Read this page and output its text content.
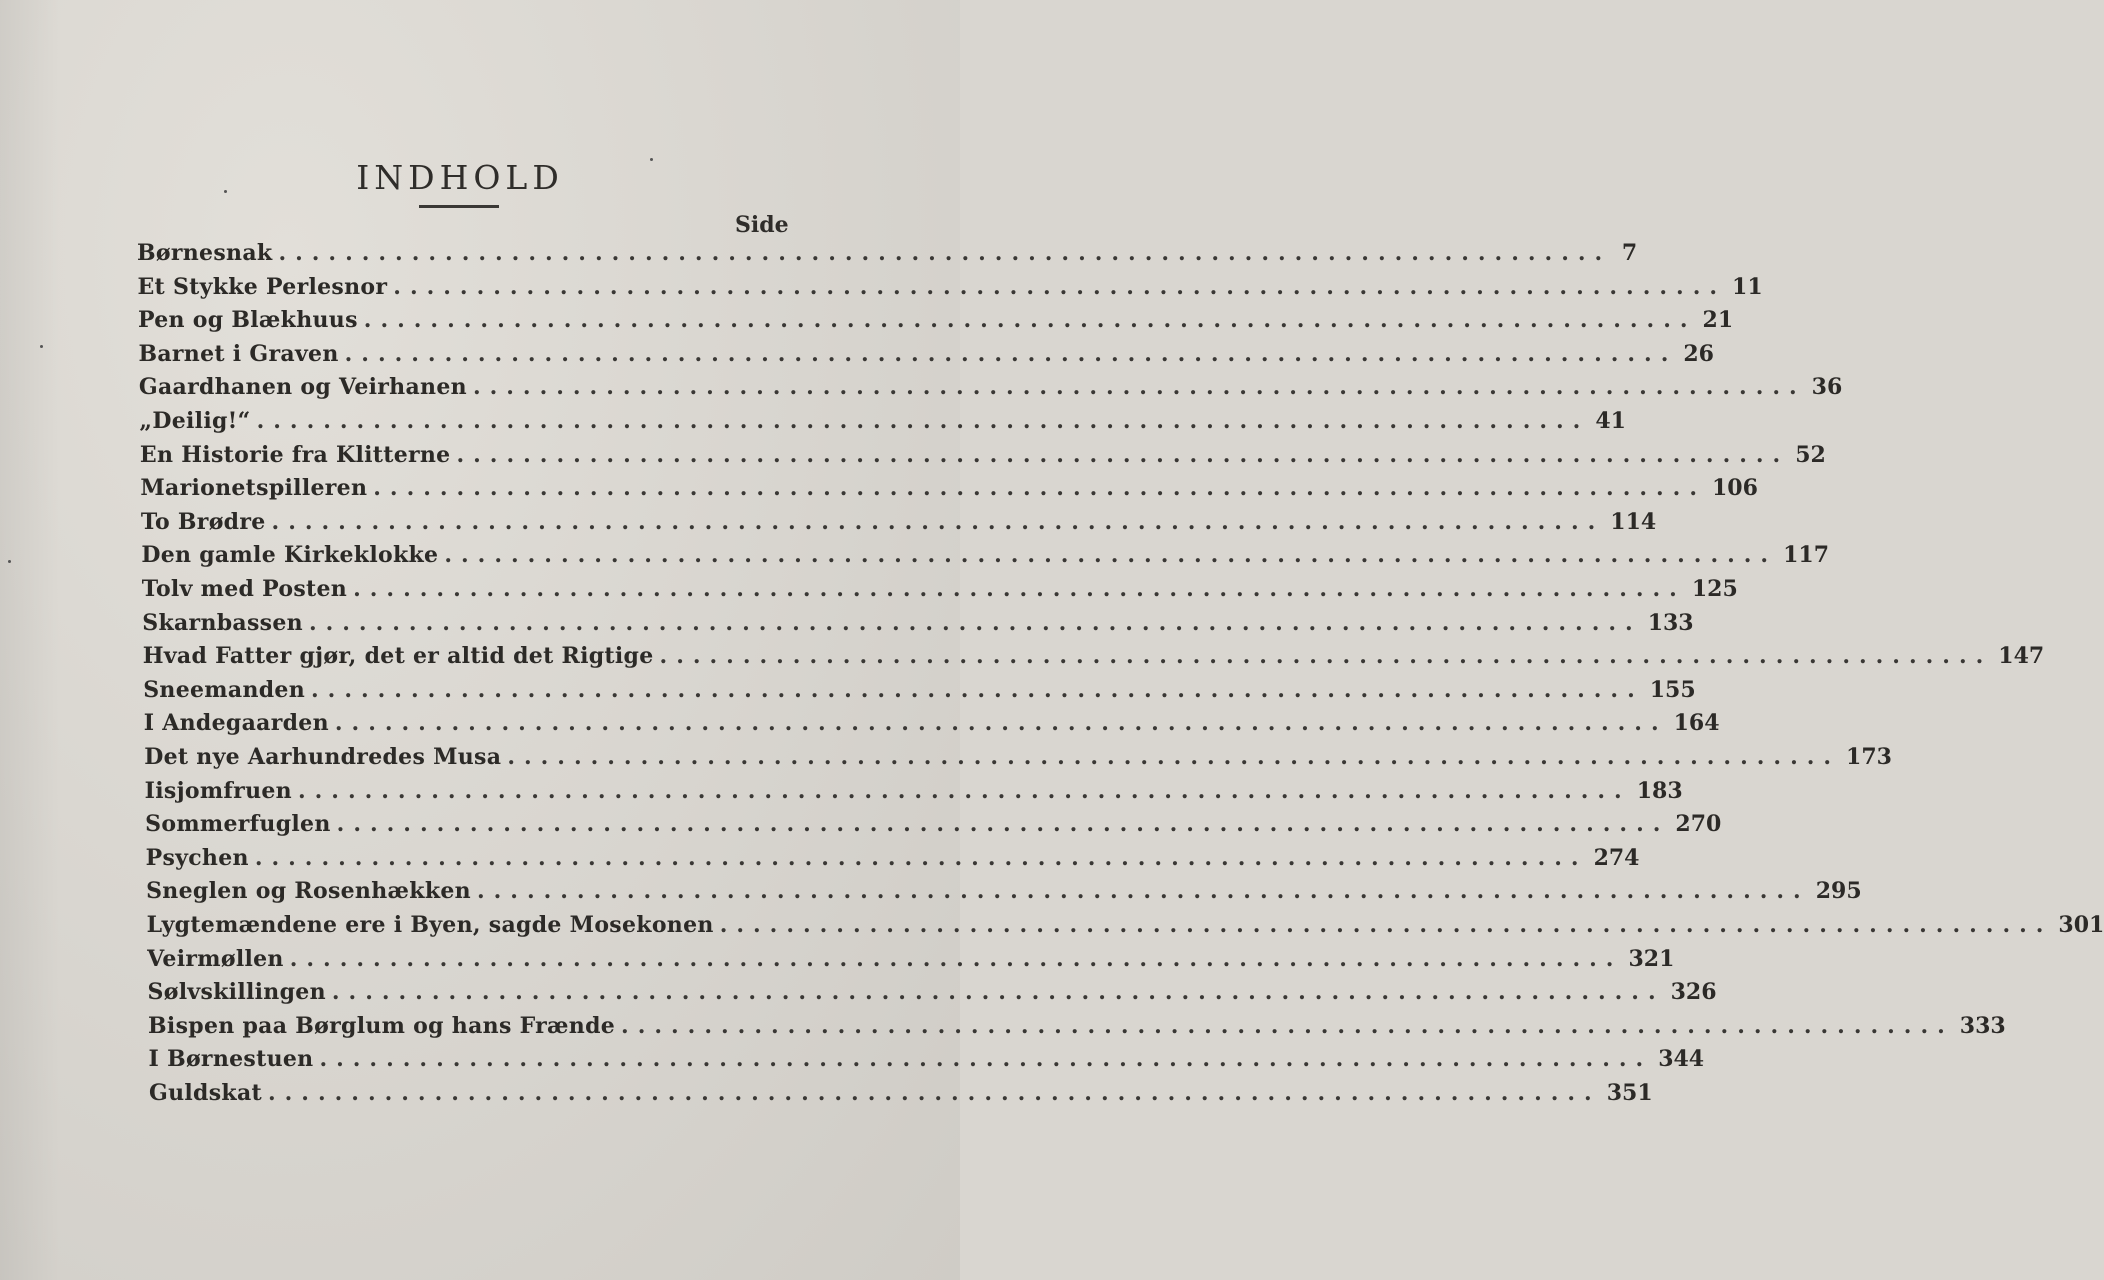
INDHOLD
Side
Børnesnak ................................................................................ 7
Et Stykke Perlesnor ................................................................................ 11
Pen og Blækhuus ................................................................................ 21
Barnet i Graven ................................................................................ 26
Gaardhanen og Veirhanen ................................................................................ 36
„Deilig!“ ................................................................................ 41
En Historie fra Klitterne ................................................................................ 52
Marionetspilleren ................................................................................ 106
To Brødre ................................................................................ 114
Den gamle Kirkeklokke ................................................................................ 117
Tolv med Posten ................................................................................ 125
Skarnbassen ................................................................................ 133
Hvad Fatter gjør, det er altid det Rigtige ................................................................................ 147
Sneemanden ................................................................................ 155
I Andegaarden ................................................................................ 164
Det nye Aarhundredes Musa ................................................................................ 173
Iisjomfruen ................................................................................ 183
Sommerfuglen ................................................................................ 270
Psychen ................................................................................ 274
Sneglen og Rosenhækken ................................................................................ 295
Lygtemændene ere i Byen, sagde Mosekonen ................................................................................ 301
Veirmøllen ................................................................................ 321
Sølvskillingen ................................................................................ 326
Bispen paa Børglum og hans Frænde ................................................................................ 333
I Børnestuen ................................................................................ 344
Guldskat ................................................................................ 351
